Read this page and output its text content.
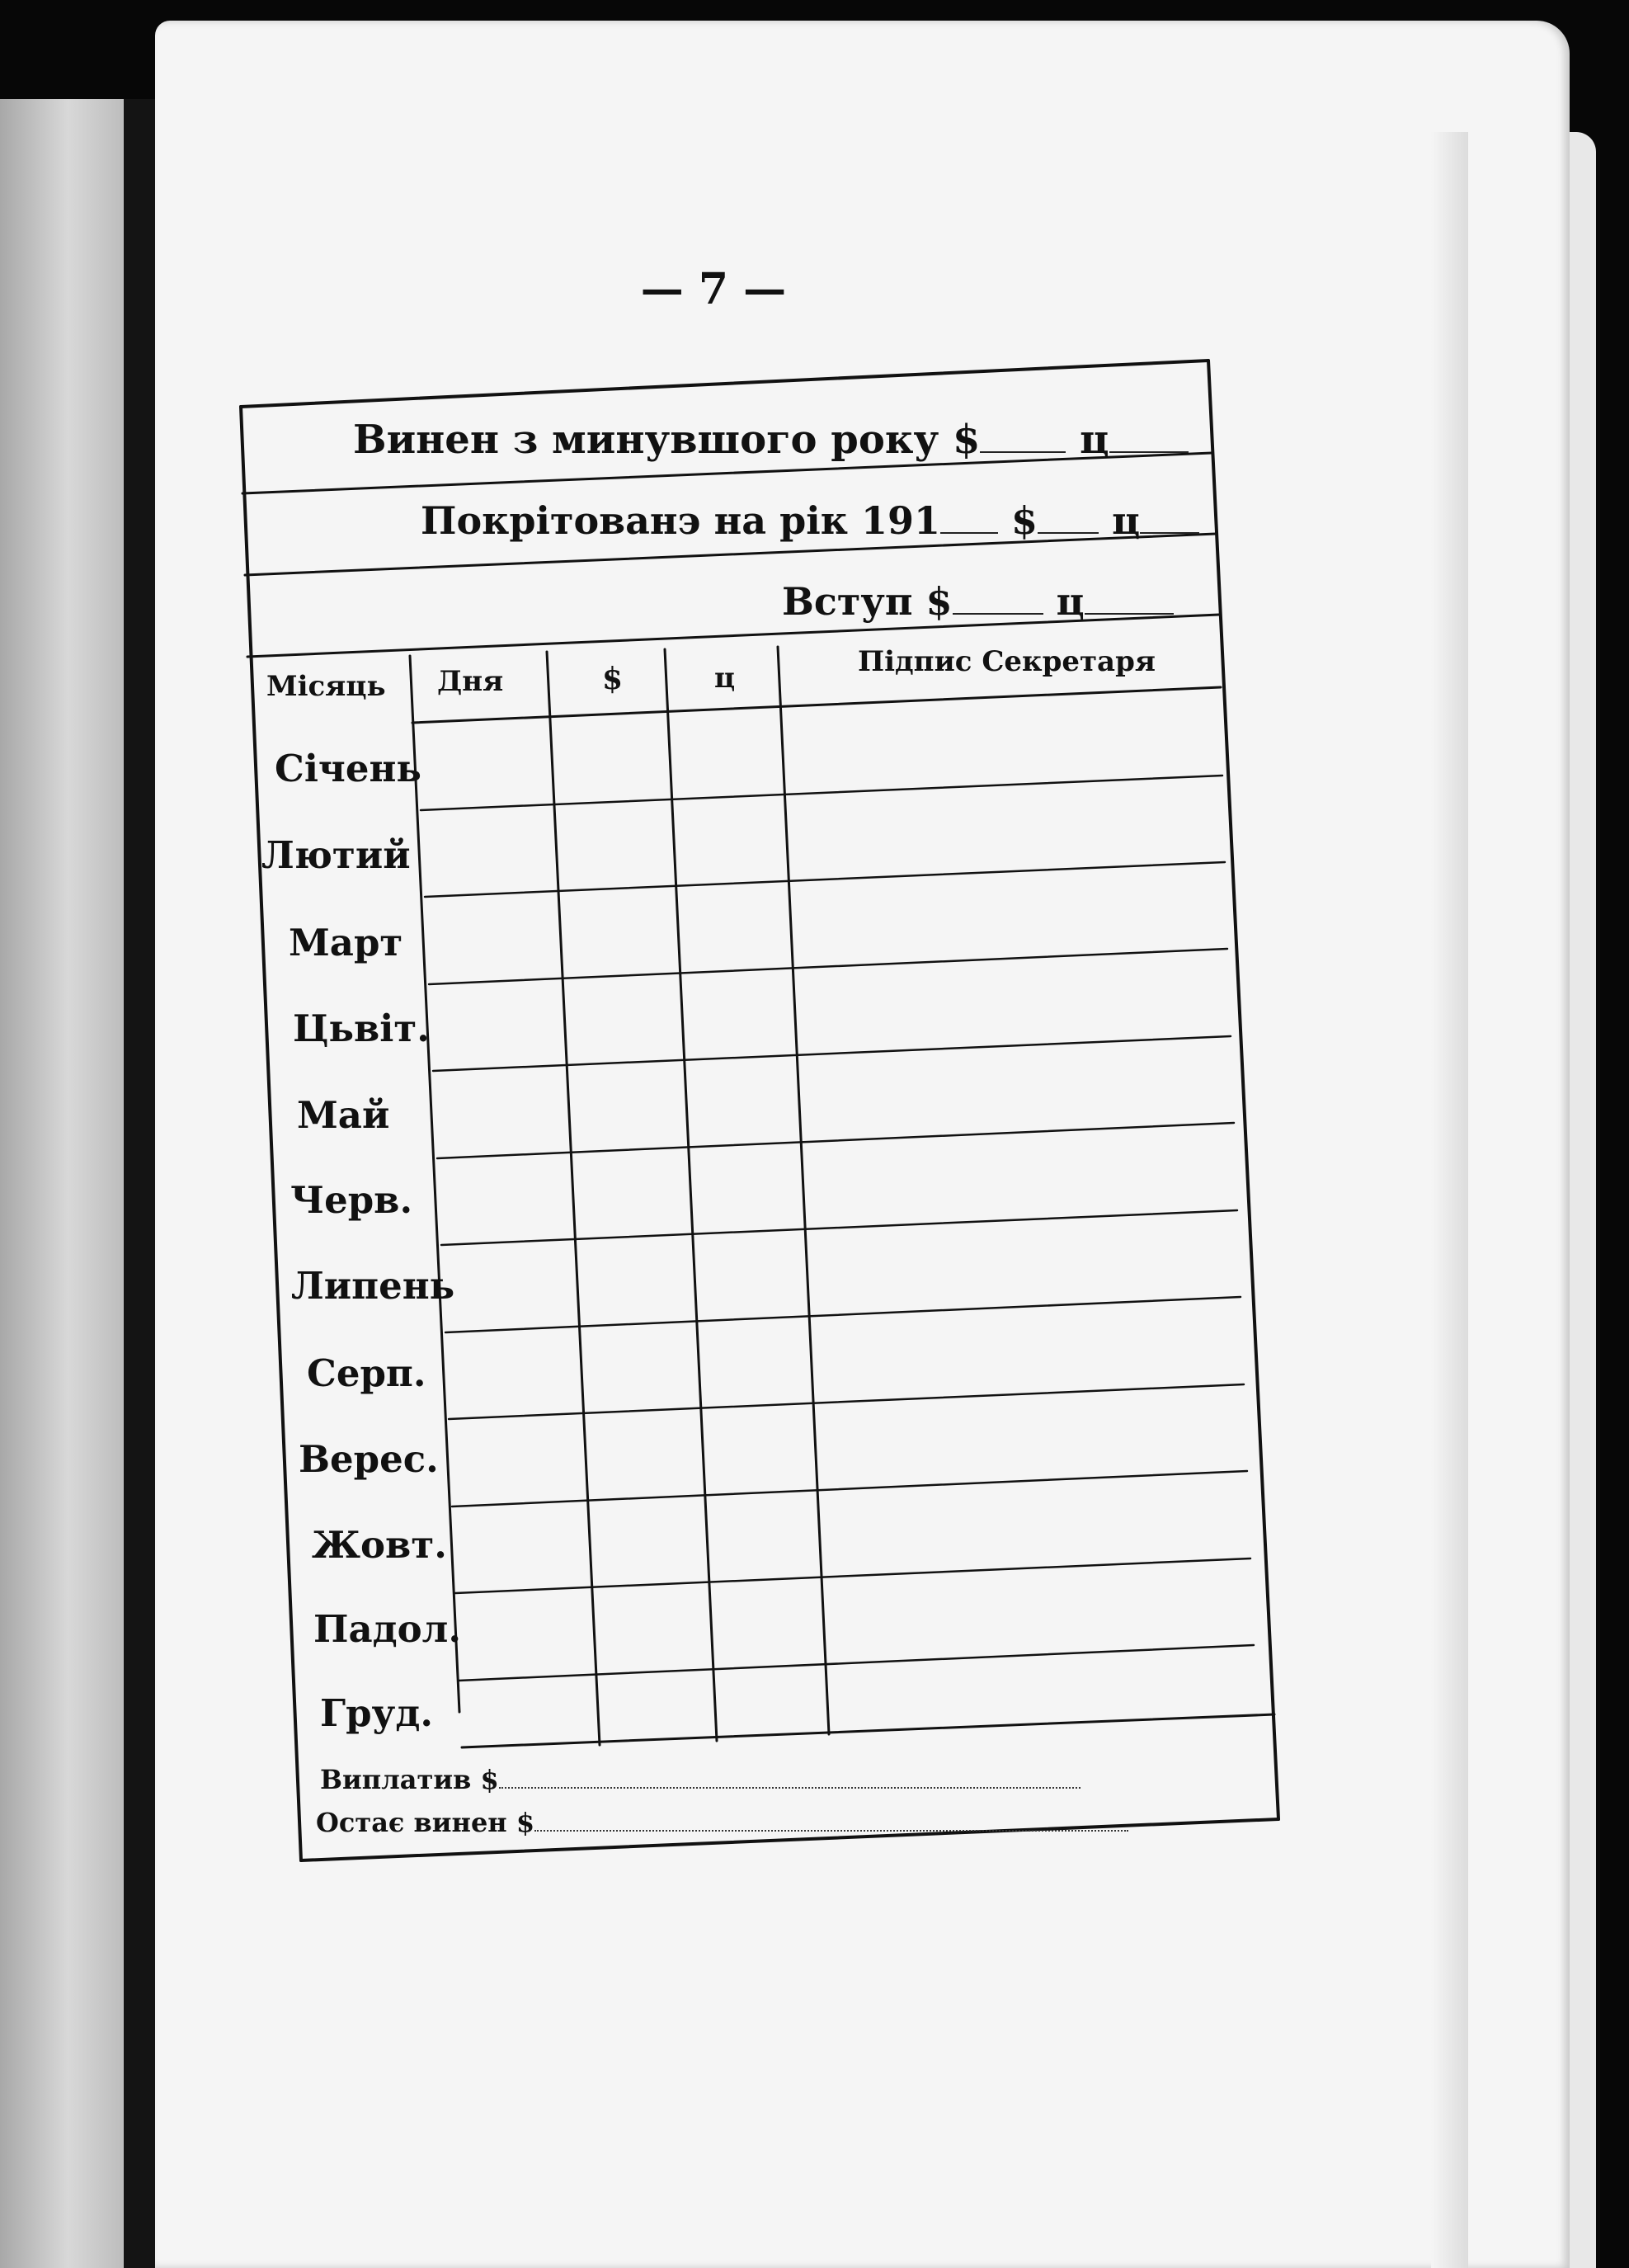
— 7 —
Винен з минувшого року $	ц
Покрітованэ на рік 191 $ ц
Вступ $	ц
Місяць Дня	$	ц	Підпис Секретаря
Січень
Лютий
Март
Цьвіт.
Май
Черв.
Липень
Серп.
Верес.
Жовт.
Падол.
Груд.
Виплатив $
Остає винен $
